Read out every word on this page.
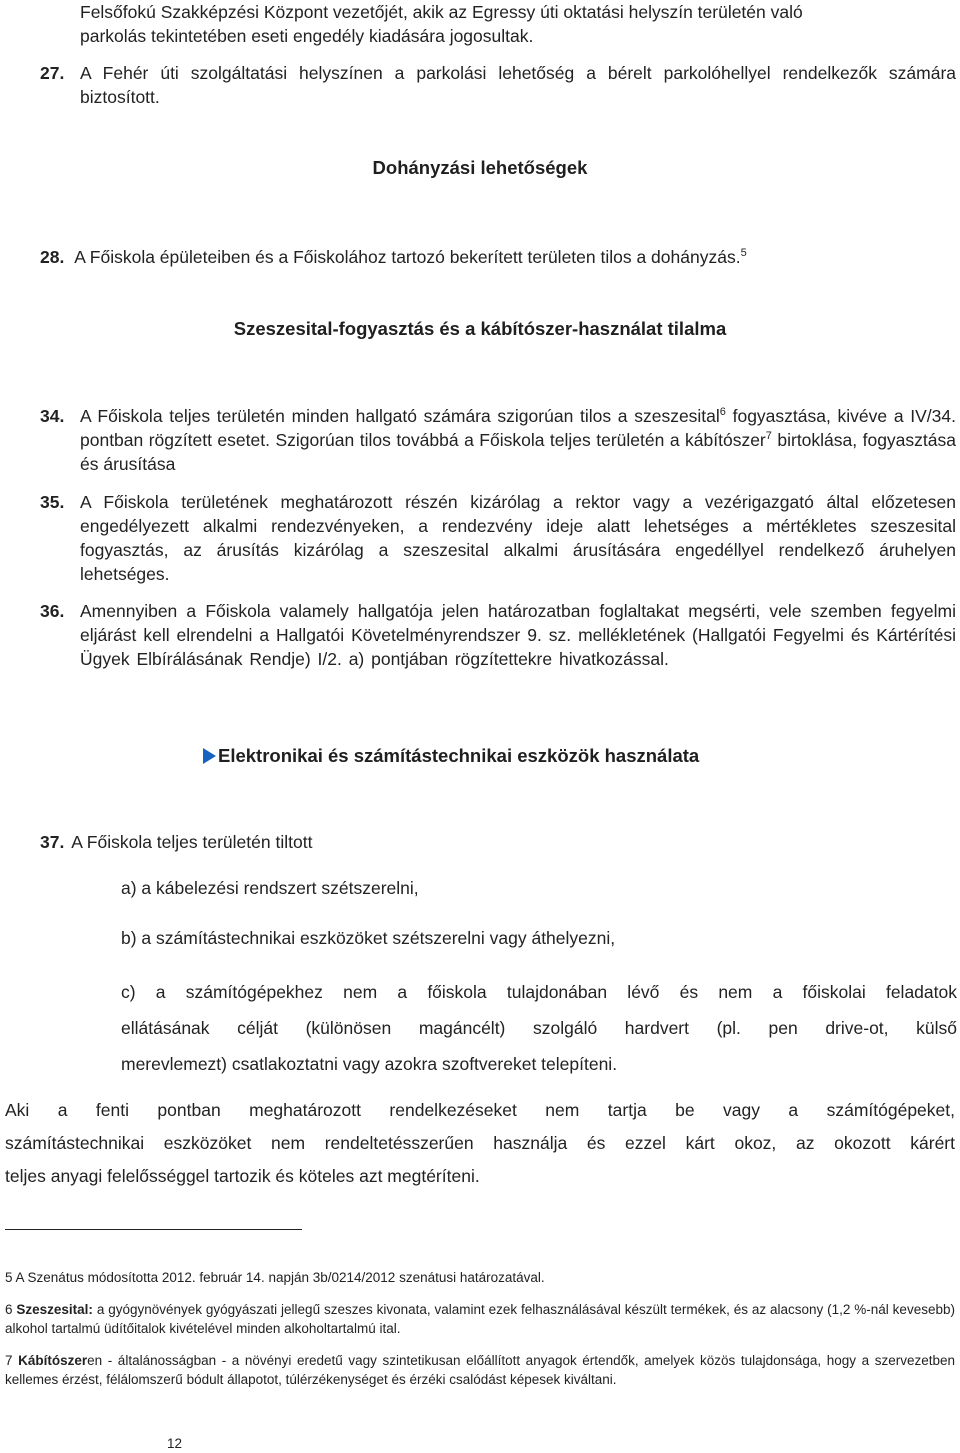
Felsőfokú Szakképzési Központ vezetőjét, akik az Egressy úti oktatási helyszín területén való
parkolás tekintetében eseti engedély kiadására jogosultak.
27. A Fehér úti szolgáltatási helyszínen a parkolási lehetőség a bérelt parkolóhellyel rendelkezők számára biztosított.
Dohányzási lehetőségek
28. A Főiskola épületeiben és a Főiskolához tartozó bekerített területen tilos a dohányzás.$^5$
Szeszesital-fogyasztás és a kábítószer-használat tilalma
34. A Főiskola teljes területén minden hallgató számára szigorúan tilos a szeszesital$^6$ fogyasztása, kivéve a IV/34. pontban rögzített esetet. Szigorúan tilos továbbá a Főiskola teljes területén a kábítószer$^7$ birtoklása, fogyasztása és árusítása
35. A Főiskola területének meghatározott részén kizárólag a rektor vagy a vezérigazgató által előzetesen engedélyezett alkalmi rendezvényeken, a rendezvény ideje alatt lehetséges a mértékletes szeszesital fogyasztás, az árusítás kizárólag a szeszesital alkalmi árusítására engedéllyel rendelkező áruhelyen lehetséges.
36. Amennyiben a Főiskola valamely hallgatója jelen határozatban foglaltakat megsérti, vele szemben fegyelmi eljárást kell elrendelni a Hallgatói Követelményrendszer 9. sz. mellékletének (Hallgatói Fegyelmi és Kártérítési Ügyek Elbírálásának Rendje) I/2. a) pontjában rögzítettekre hivatkozással.
Elektronikai és számítástechnikai eszközök használata
37. A Főiskola teljes területén tiltott
a) a kábelezési rendszert szétszerelni,
b) a számítástechnikai eszközöket szétszerelni vagy áthelyezni,
c) a számítógépekhez nem a főiskola tulajdonában lévő és nem a főiskolai feladatok
ellátásának célját (különösen magáncélt) szolgáló hardvert (pl. pen drive-ot, külső
merevlemezt) csatlakoztatni vagy azokra szoftvereket telepíteni.
Aki a fenti pontban meghatározott rendelkezéseket nem tartja be vagy a számítógépeket,
számítástechnikai eszközöket nem rendeltetésszerűen használja és ezzel kárt okoz, az okozott kárért
teljes anyagi felelősséggel tartozik és köteles azt megtéríteni.
5 A Szenátus módosította 2012. február 14. napján 3b/0214/2012 szenátusi határozatával.
6 Szeszesital: a gyógynövények gyógyászati jellegű szeszes kivonata, valamint ezek felhasználásával készült termékek, és az alacsony (1,2 %-nál kevesebb) alkohol tartalmú üdítőitalok kivételével minden alkoholtartalmú ital.
7 Kábítószeren - általánosságban - a növényi eredetű vagy szintetikusan előállított anyagok értendők, amelyek közös tulajdonsága, hogy a szervezetben kellemes érzést, félálomszerű bódult állapotot, túlérzékenységet és érzéki csalódást képesek kiváltani.
12
